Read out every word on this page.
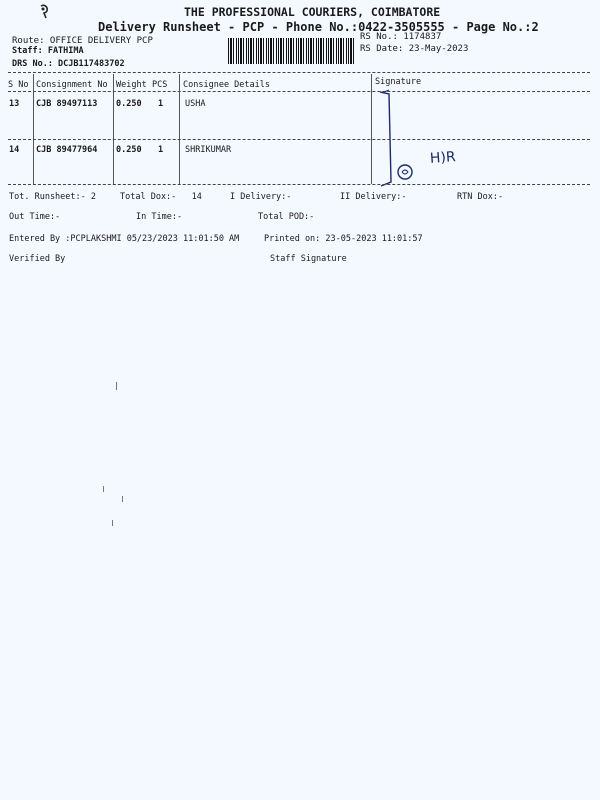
THE PROFESSIONAL COURIERS, COIMBATORE
Delivery Runsheet - PCP - Phone No.:0422-3505555 - Page No.:2
Route: OFFICE DELIVERY PCP
Staff: FATHIMA
DRS No.: DCJB117483702
RS No.: 1174837
RS Date: 23-May-2023
S No Consignment No Weight PCS Consignee Details	Signature
13 CJB 89497113 0.250 1	USHA
14 CJB 89477964 0.250 1	SHRIKUMAR	H)R
Tot. Runsheet:- 2	Total Dox:-   14	I Delivery:-	II Delivery:-	RTN Dox:-
Out Time:-	In Time:-	Total POD:-
Entered By :PCPLAKSHMI 05/23/2023 11:01:50 AM	Printed on: 23-05-2023 11:01:57
Verified By	Staff Signature
